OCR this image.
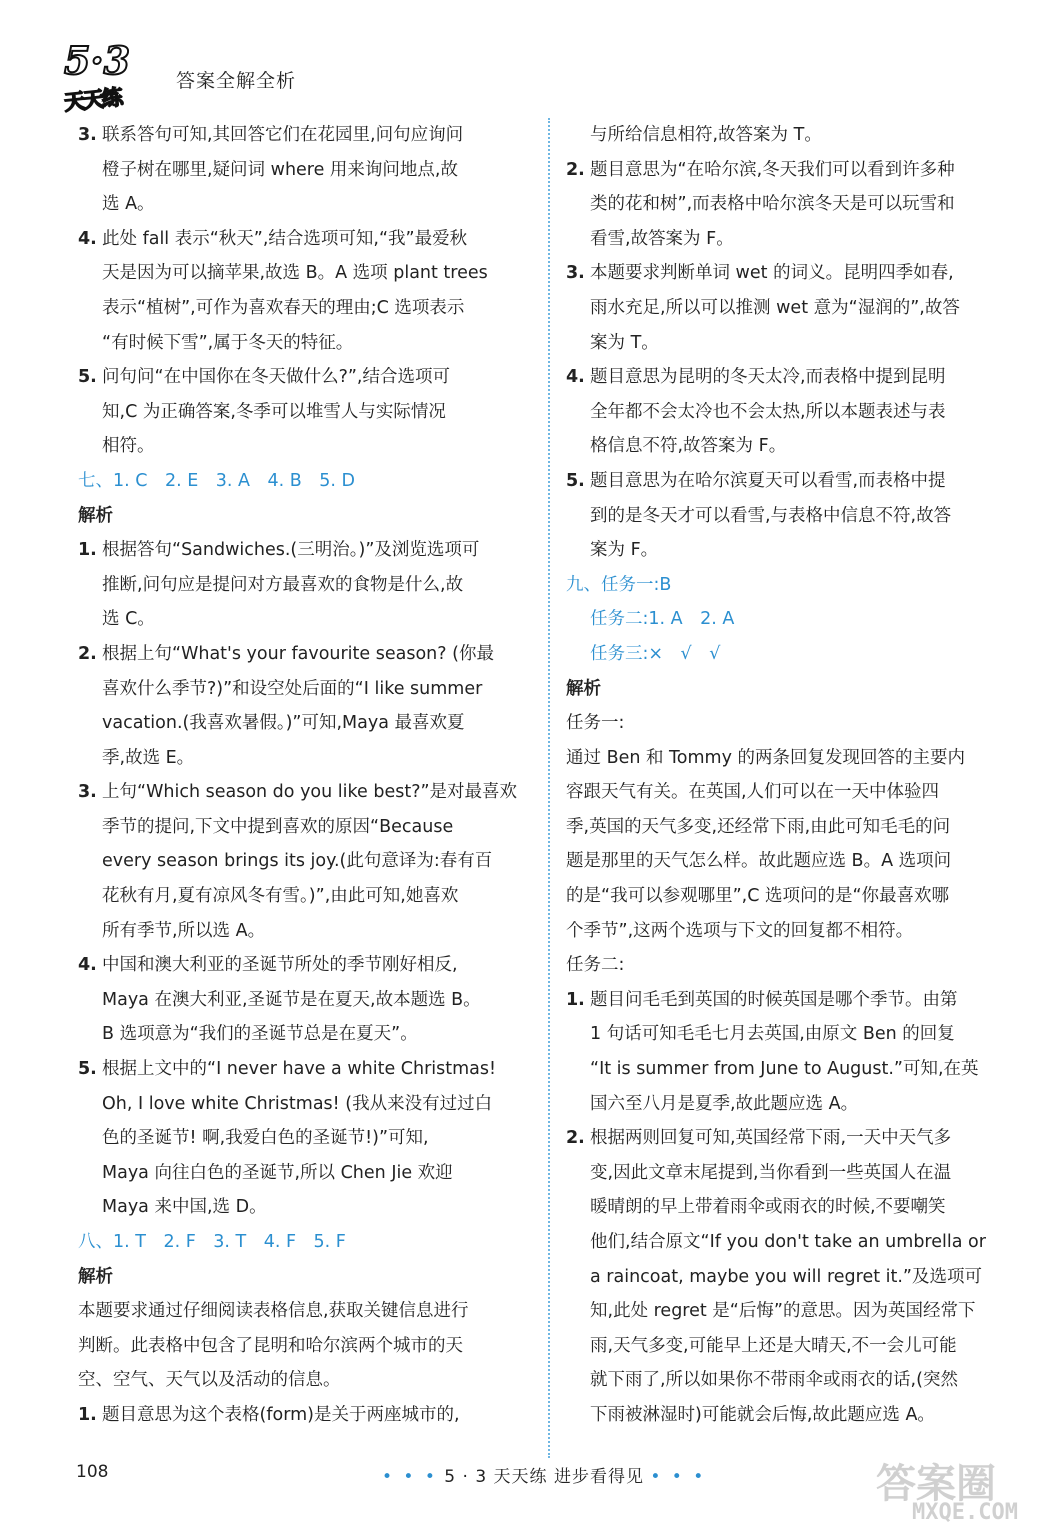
5·3
天天练
答案全解全析
3. 联系答句可知,其回答它们在花园里,问句应询问
橙子树在哪里,疑问词 where 用来询问地点,故
选 A。
4. 此处 fall 表示“秋天”,结合选项可知,“我”最爱秋
天是因为可以摘苹果,故选 B。A 选项 plant trees
表示“植树”,可作为喜欢春天的理由;C 选项表示
“有时候下雪”,属于冬天的特征。
5. 问句问“在中国你在冬天做什么?”,结合选项可
知,C 为正确答案,冬季可以堆雪人与实际情况
相符。
七、1. C　2. E　3. A　4. B　5. D
解析
1. 根据答句“Sandwiches.(三明治。)”及浏览选项可
推断,问句应是提问对方最喜欢的食物是什么,故
选 C。
2. 根据上句“What's your favourite season? (你最
喜欢什么季节?)”和设空处后面的“I like summer
vacation.(我喜欢暑假。)”可知,Maya 最喜欢夏
季,故选 E。
3. 上句“Which season do you like best?”是对最喜欢
季节的提问,下文中提到喜欢的原因“Because
every season brings its joy.(此句意译为:春有百
花秋有月,夏有凉风冬有雪。)”,由此可知,她喜欢
所有季节,所以选 A。
4. 中国和澳大利亚的圣诞节所处的季节刚好相反,
Maya 在澳大利亚,圣诞节是在夏天,故本题选 B。
B 选项意为“我们的圣诞节总是在夏天”。
5. 根据上文中的“I never have a white Christmas!
Oh, I love white Christmas! (我从来没有过过白
色的圣诞节! 啊,我爱白色的圣诞节!)”可知,
Maya 向往白色的圣诞节,所以 Chen Jie 欢迎
Maya 来中国,选 D。
八、1. T　2. F　3. T　4. F　5. F
解析
本题要求通过仔细阅读表格信息,获取关键信息进行
判断。此表格中包含了昆明和哈尔滨两个城市的天
空、空气、天气以及活动的信息。
1. 题目意思为这个表格(form)是关于两座城市的,
与所给信息相符,故答案为 T。
2. 题目意思为“在哈尔滨,冬天我们可以看到许多种
类的花和树”,而表格中哈尔滨冬天是可以玩雪和
看雪,故答案为 F。
3. 本题要求判断单词 wet 的词义。昆明四季如春,
雨水充足,所以可以推测 wet 意为“湿润的”,故答
案为 T。
4. 题目意思为昆明的冬天太冷,而表格中提到昆明
全年都不会太冷也不会太热,所以本题表述与表
格信息不符,故答案为 F。
5. 题目意思为在哈尔滨夏天可以看雪,而表格中提
到的是冬天才可以看雪,与表格中信息不符,故答
案为 F。
九、任务一:B
任务二:1. A　2. A
任务三:×　√　√
解析
任务一:
通过 Ben 和 Tommy 的两条回复发现回答的主要内
容跟天气有关。在英国,人们可以在一天中体验四
季,英国的天气多变,还经常下雨,由此可知毛毛的问
题是那里的天气怎么样。故此题应选 B。A 选项问
的是“我可以参观哪里”,C 选项问的是“你最喜欢哪
个季节”,这两个选项与下文的回复都不相符。
任务二:
1. 题目问毛毛到英国的时候英国是哪个季节。由第
1 句话可知毛毛七月去英国,由原文 Ben 的回复
“It is summer from June to August.”可知,在英
国六至八月是夏季,故此题应选 A。
2. 根据两则回复可知,英国经常下雨,一天中天气多
变,因此文章末尾提到,当你看到一些英国人在温
暖晴朗的早上带着雨伞或雨衣的时候,不要嘲笑
他们,结合原文“If you don't take an umbrella or
a raincoat, maybe you will regret it.”及选项可
知,此处 regret 是“后悔”的意思。因为英国经常下
雨,天气多变,可能早上还是大晴天,不一会儿可能
就下雨了,所以如果你不带雨伞或雨衣的话,(突然
下雨被淋湿时)可能就会后悔,故此题应选 A。
108	• • • 5 · 3 天天练 进步看得见 • • •	答案圈
MXQE.COM
